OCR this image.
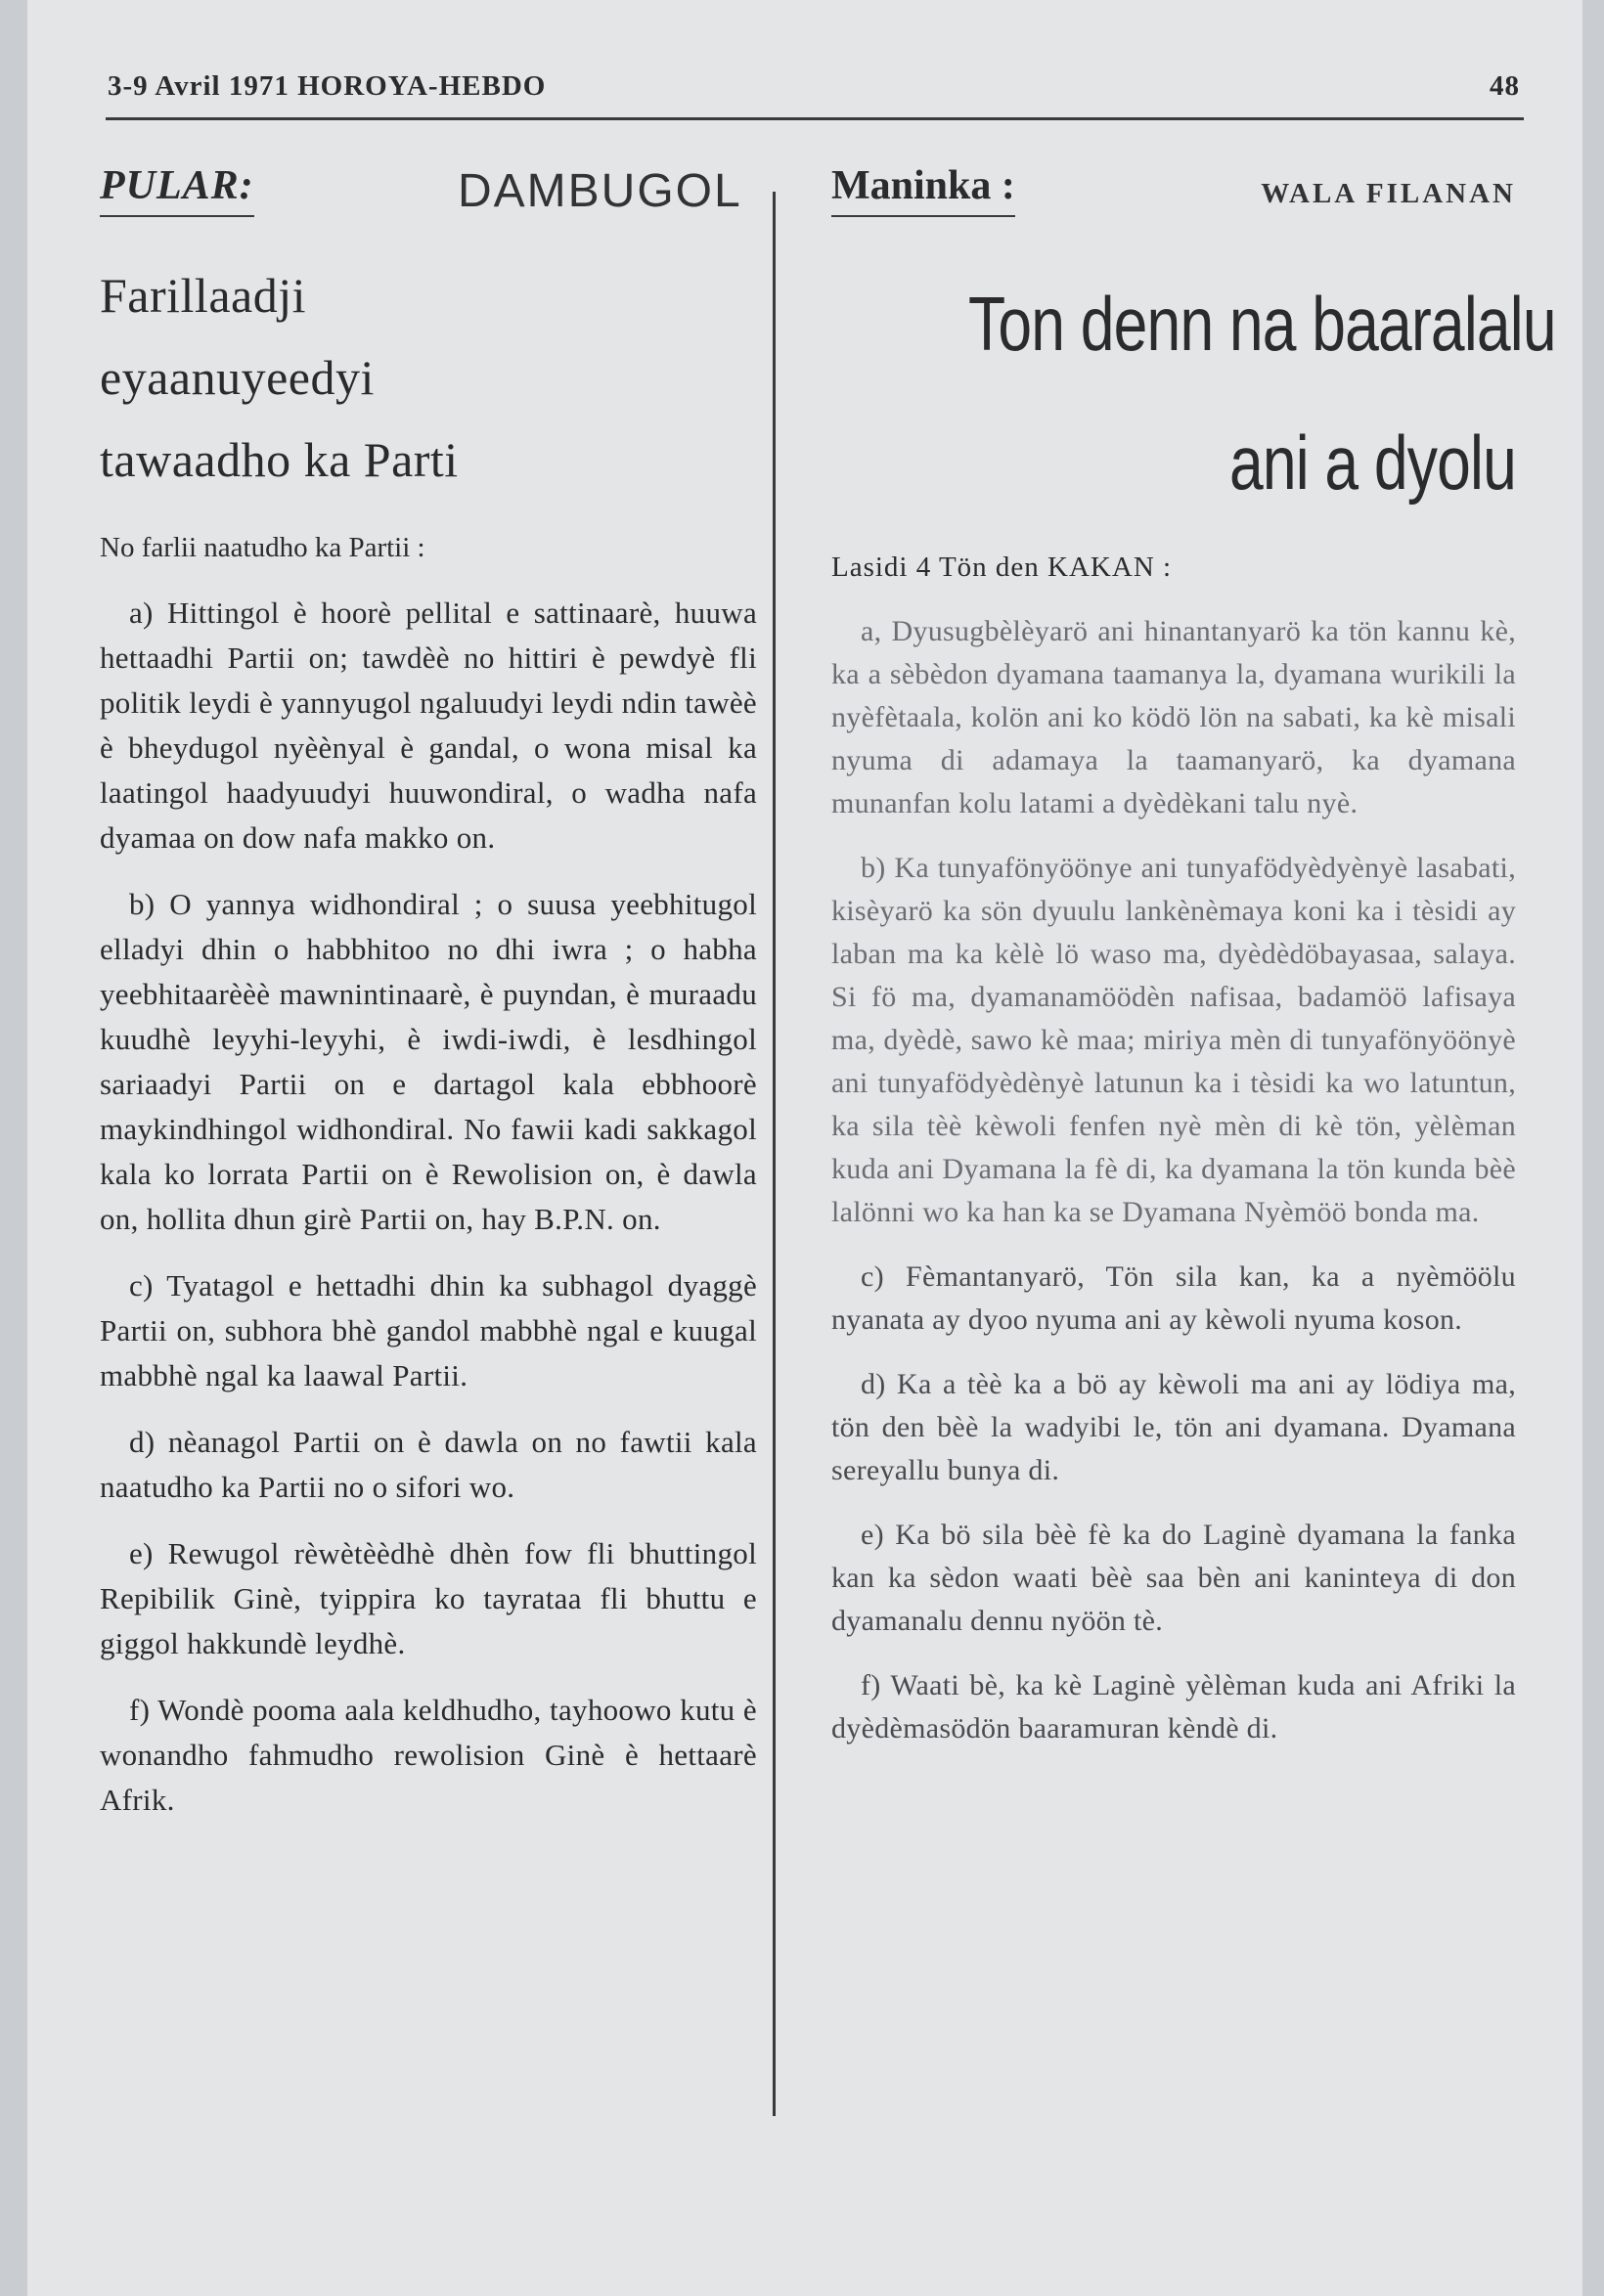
3-9 Avril 1971 HOROYA-HEBDO	48
PULAR:	DAMBUGOL
Farillaadji
eyaanuyeedyi
tawaadho ka Parti
No farlii naatudho ka Partii :

a) Hittingol è hoorè pellital e sattinaarè, huuwa hettaadhi Partii on; tawdèè no hittiri è pewdyè fli politik leydi è yannyugol ngaluudyi leydi ndin tawèè è bheydugol nyèènyal è gandal, o wona misal ka laatingol haadyuudyi huuwondiral, o wadha nafa dyamaa on dow nafa makko on.

b) O yannya widhondiral ; o suusa yeebhitugol elladyi dhin o habbhitoo no dhi iwra ; o habha yeebhitaarèèè mawnintinaarè, è puyndan, è muraadu kuudhè leyyhi-leyyhi, è iwdi-iwdi, è lesdhingol sariaadyi Partii on e dartagol kala ebbhoorè maykindhingol widhondiral. No fawii kadi sakkagol kala ko lorrata Partii on è Rewolision on, è dawla on, hollita dhun girè Partii on, hay B.P.N. on.

c) Tyatagol e hettadhi dhin ka subhagol dyaggè Partii on, subhora bhè gandol mabbhè ngal e kuugal mabbhè ngal ka laawal Partii.

d) nèanagol Partii on è dawla on no fawtii kala naatudho ka Partii no o sifori wo.

e) Rewugol rèwètèèdhè dhèn fow fli bhuttingol Repibilik Ginè, tyippira ko tayrataa fli bhuttu e giggol hakkundè leydhè.

f) Wondè pooma aala keldhudho, tayhoowo kutu è wonandho fahmudho rewolision Ginè è hettaarè Afrik.

Maninka :	WALA FILANAN
Ton denn na baaralalu
ani a dyolu
Lasidi 4 Tön den KAKAN :

a, Dyusugbèlèyarö ani hinantanyarö ka tön kannu kè, ka a sèbèdon dyamana taamanya la, dyamana wurikili la nyèfètaala, kolön ani ko ködö lön na sabati, ka kè misali nyuma di adamaya la taamanyarö, ka dyamana munanfan kolu latami a dyèdèkani talu nyè.

b) Ka tunyafönyöönye ani tunyafödyèdyènyè lasabati, kisèyarö ka sön dyuulu lankènèmaya koni ka i tèsidi ay laban ma ka kèlè lö waso ma, dyèdèdöbayasaa, salaya. Si fö ma, dyamanamöödèn nafisaa, badamöö lafisaya ma, dyèdè, sawo kè maa; miriya mèn di tunyafönyöönyè ani tunyafödyèdènyè latunun ka i tèsidi ka wo latuntun, ka sila tèè kèwoli fenfen nyè mèn di kè tön, yèlèman kuda ani Dyamana la fè di, ka dyamana la tön kunda bèè lalönni wo ka han ka se Dyamana Nyèmöö bonda ma.

c) Fèmantanyarö, Tön sila kan, ka a nyèmöölu nyanata ay dyoo nyuma ani ay kèwoli nyuma koson.

d) Ka a tèè ka a bö ay kèwoli ma ani ay lödiya ma, tön den bèè la wadyibi le, tön ani dyamana. Dyamana sereyallu bunya di.

e) Ka bö sila bèè fè ka do Laginè dyamana la fanka kan ka sèdon waati bèè saa bèn ani kaninteya di don dyamanalu dennu nyöön tè.

f) Waati bè, ka kè Laginè yèlèman kuda ani Afriki la dyèdèmasödön baaramuran kèndè di.
